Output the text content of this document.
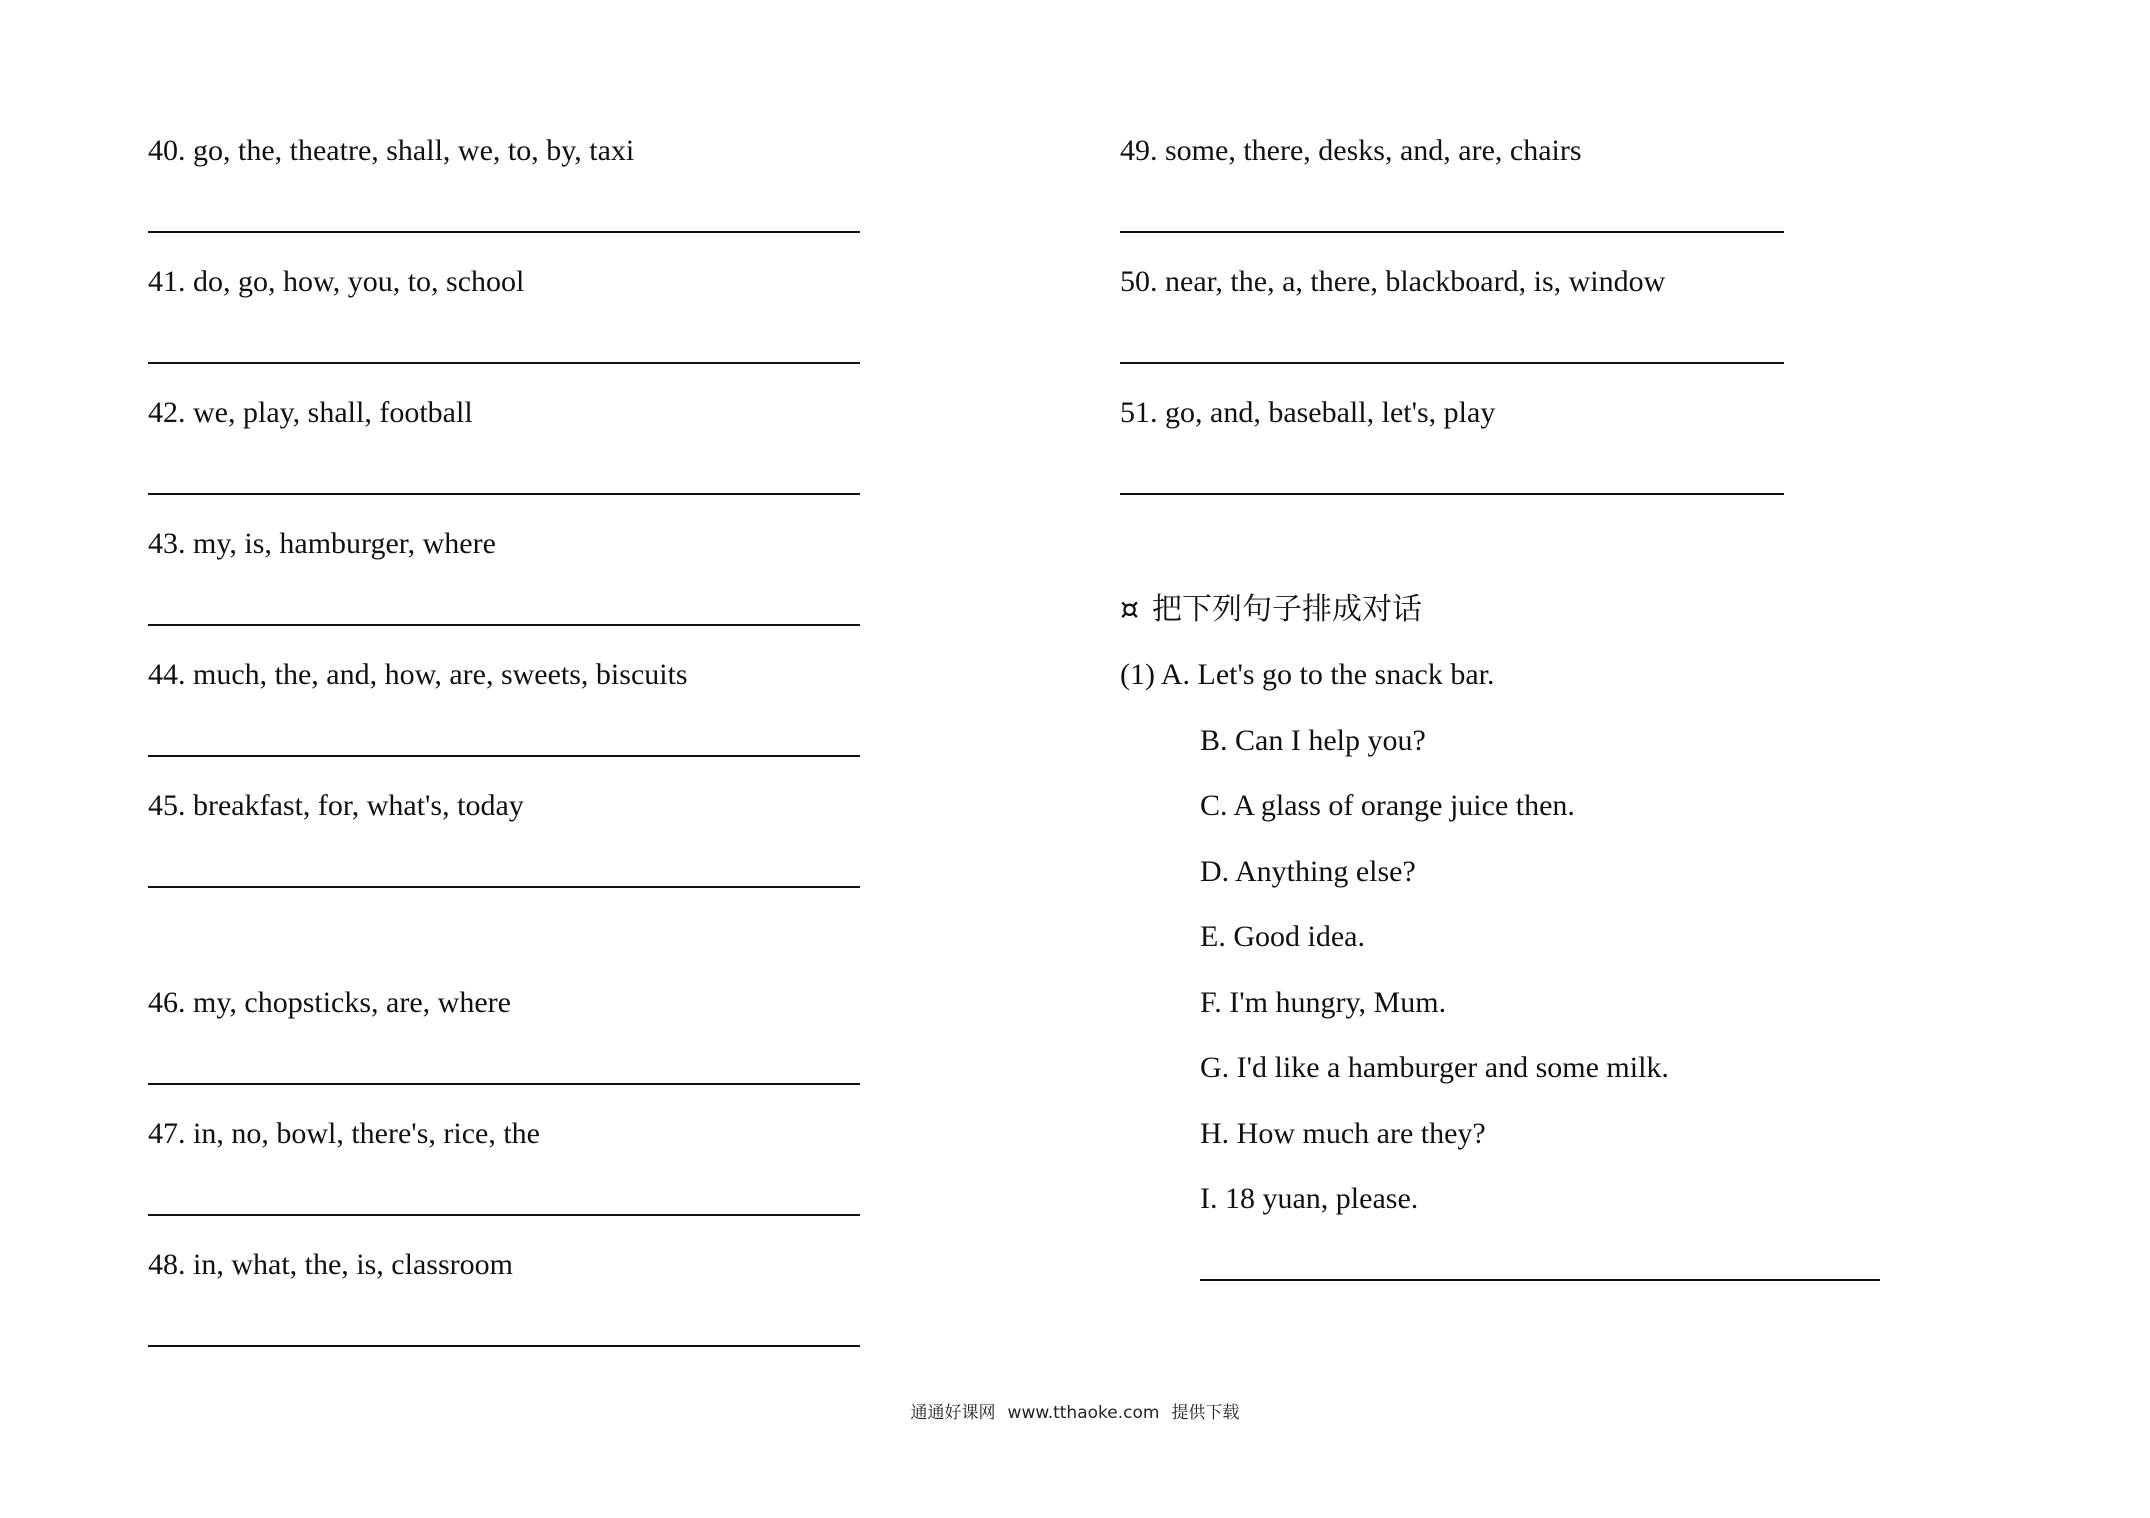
40. go, the, theatre, shall, we, to, by, taxi
41. do, go, how, you, to, school
42. we, play, shall, football
43. my, is, hamburger, where
44. much, the, and, how, are, sweets, biscuits
45. breakfast, for, what's, today
46. my, chopsticks, are, where
47. in, no, bowl, there's, rice, the
48. in, what, the, is, classroom
49. some, there, desks, and, are, chairs
50. near, the, a, there, blackboard, is, window
51. go, and, baseball, let's, play
¤ 把下列句子排成对话
(1) A. Let's go to the snack bar.
B. Can I help you?
C. A glass of orange juice then.
D. Anything else?
E. Good idea.
F. I'm hungry, Mum.
G. I'd like a hamburger and some milk.
H. How much are they?
I. 18 yuan, please.
通通好课网 www.tthaoke.com 提供下载
